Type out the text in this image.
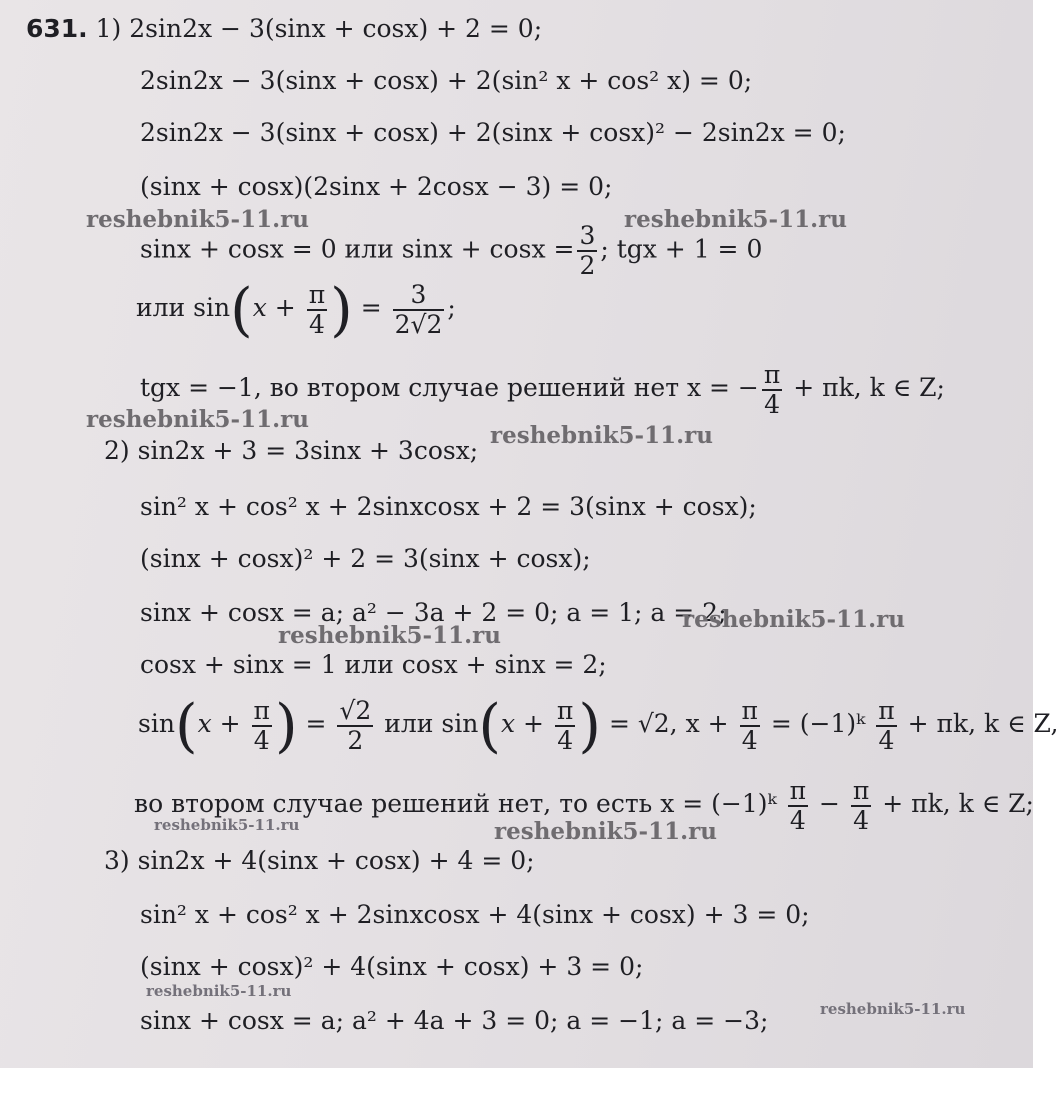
631. 1) 2sin2x − 3(sinx + cosx) + 2 = 0;
2sin2x − 3(sinx + cosx) + 2(sin² x + cos² x) = 0;
2sin2x − 3(sinx + cosx) + 2(sinx + cosx)² − 2sin2x = 0;
(sinx + cosx)(2sinx + 2cosx − 3) = 0;
sinx + cosx = 0 или $\sin x + \cos x = \frac{3}{2}$ ; tgx + 1 = 0
или $\sin(x + \frac{\pi}{4}$ ) = $\frac{3}{2√2}$ ;
tgx = −1, во втором случае решений нет x = − $\frac{\pi}{4} + \pi k$, k ∈ Z;
2) sin2x + 3 = 3sinx + 3cosx;
sin² x + cos² x + 2sinxcosx + 2 = 3(sinx + cosx);
(sinx + cosx)² + 2 = 3(sinx + cosx);
sinx + cosx = a; a² − 3a + 2 = 0; a = 1; a = 2;
cosx + sinx = 1 или cosx + sinx = 2;
$\sin(x + \frac{\pi}{4}$ ) = $\frac{√2}{2}$ или $\sin(x + \frac{\pi}{4}$ ) = √2, $x + \frac{\pi}{4}$ = (−1)ᵏ $\frac{\pi}{4} + \pi k$, k ∈ Z,
во втором случае решений нет, то есть x = (−1)ᵏ $\frac{\pi}{4} - \frac{\pi}{4} + \pi k$, k ∈ Z;
3) sin2x + 4(sinx + cosx) + 4 = 0;
sin² x + cos² x + 2sinxcosx + 4(sinx + cosx) + 3 = 0;
(sinx + cosx)² + 4(sinx + cosx) + 3 = 0;
sinx + cosx = a; a² + 4a + 3 = 0; a = −1; a = −3;
reshebnik5-11.ru	reshebnik5-11.ru
reshebnik5-11.ru
reshebnik5-11.ru
reshebnik5-11.ru
reshebnik5-11.ru
reshebnik5-11.ru	reshebnik5-11.ru
reshebnik5-11.ru
reshebnik5-11.ru
